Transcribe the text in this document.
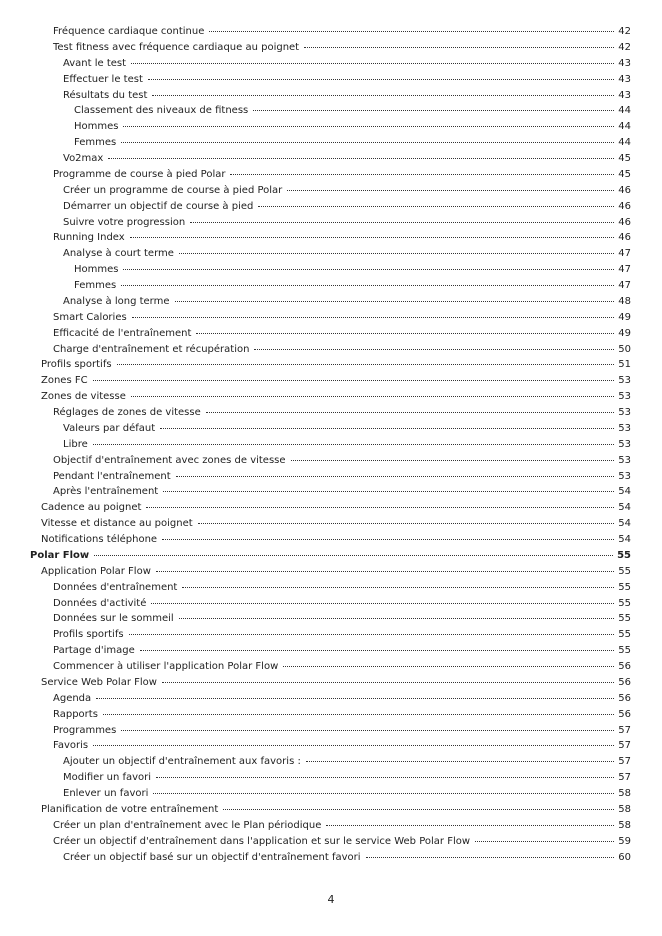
Fréquence cardiaque continue	42
Test fitness avec fréquence cardiaque au poignet	42
Avant le test	43
Effectuer le test	43
Résultats du test	43
Classement des niveaux de fitness	44
Hommes	44
Femmes	44
Vo2max	45
Programme de course à pied Polar	45
Créer un programme de course à pied Polar	46
Démarrer un objectif de course à pied	46
Suivre votre progression	46
Running Index	46
Analyse à court terme	47
Hommes	47
Femmes	47
Analyse à long terme	48
Smart Calories	49
Efficacité de l'entraînement	49
Charge d'entraînement et récupération	50
Profils sportifs	51
Zones FC	53
Zones de vitesse	53
Réglages de zones de vitesse	53
Valeurs par défaut	53
Libre	53
Objectif d'entraînement avec zones de vitesse	53
Pendant l'entraînement	53
Après l'entraînement	54
Cadence au poignet	54
Vitesse et distance au poignet	54
Notifications téléphone	54
Polar Flow	55
Application Polar Flow	55
Données d'entraînement	55
Données d'activité	55
Données sur le sommeil	55
Profils sportifs	55
Partage d'image	55
Commencer à utiliser l'application Polar Flow	56
Service Web Polar Flow	56
Agenda	56
Rapports	56
Programmes	57
Favoris	57
Ajouter un objectif d'entraînement aux favoris :	57
Modifier un favori	57
Enlever un favori	58
Planification de votre entraînement	58
Créer un plan d'entraînement avec le Plan périodique	58
Créer un objectif d'entraînement dans l'application et sur le service Web Polar Flow	59
Créer un objectif basé sur un objectif d'entraînement favori	60
4
